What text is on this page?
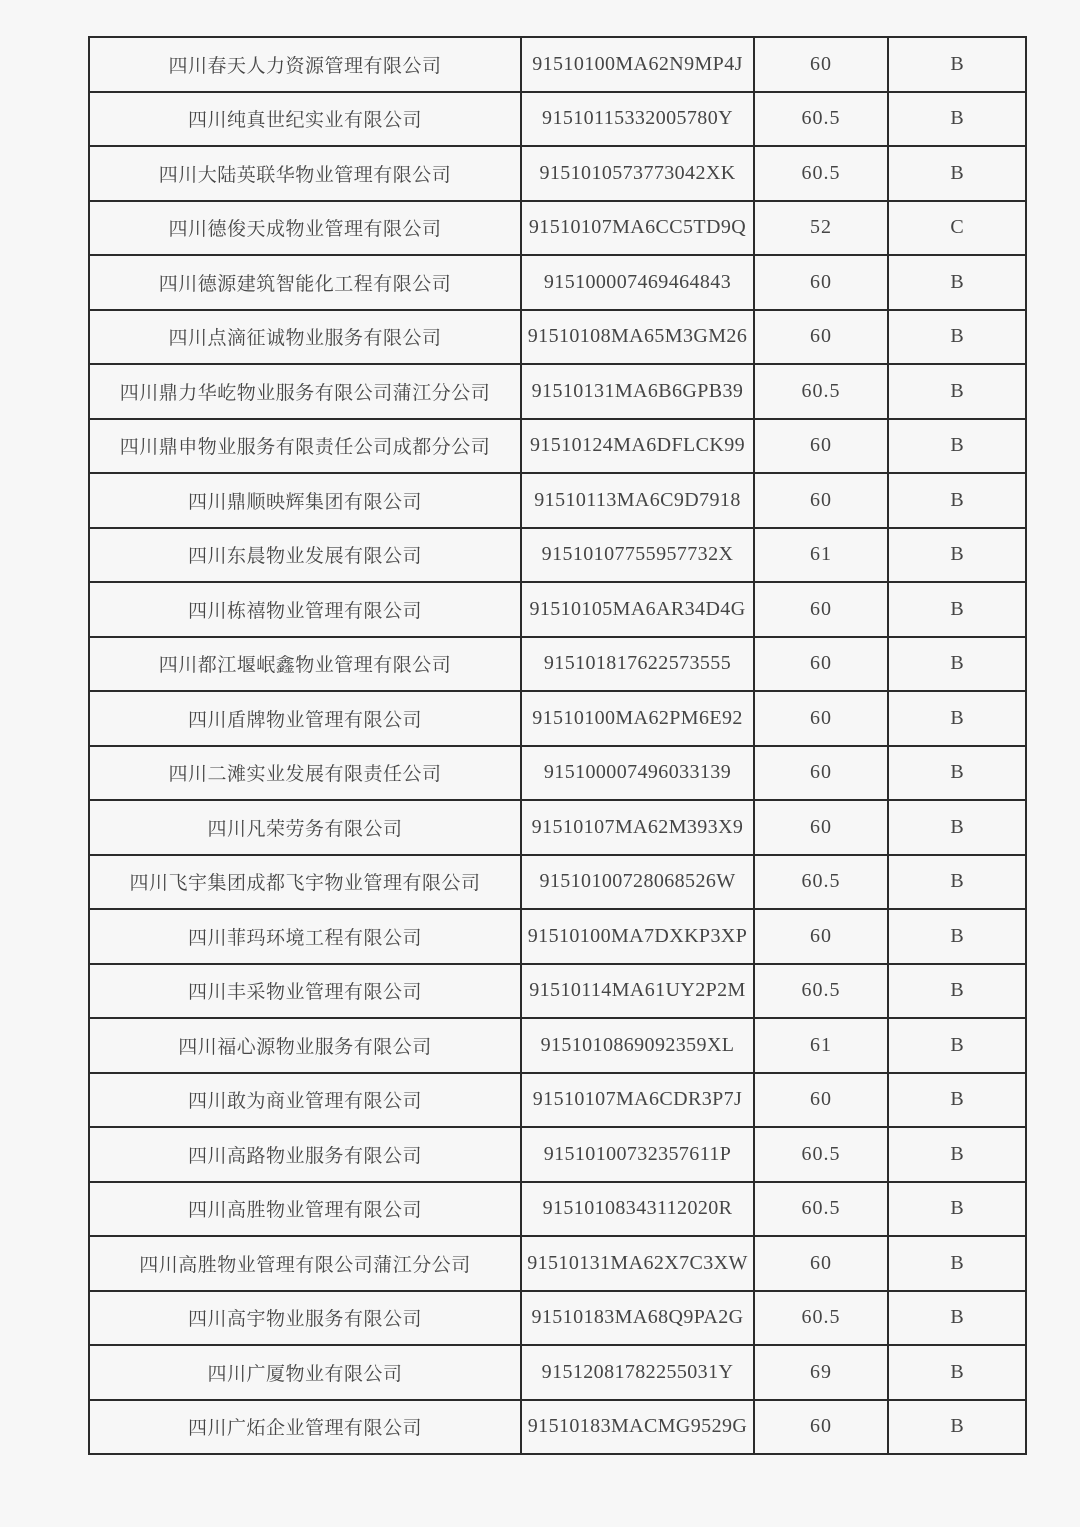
四川春天人力资源管理有限公司	91510100MA62N9MP4J	60	B
四川纯真世纪实业有限公司	91510115332005780Y	60.5	B
四川大陆英联华物业管理有限公司	9151010573773042XK	60.5	B
四川德俊天成物业管理有限公司	91510107MA6CC5TD9Q	52	C
四川德源建筑智能化工程有限公司	915100007469464843	60	B
四川点滴征诚物业服务有限公司	91510108MA65M3GM26	60	B
四川鼎力华屹物业服务有限公司蒲江分公司	91510131MA6B6GPB39	60.5	B
四川鼎申物业服务有限责任公司成都分公司	91510124MA6DFLCK99	60	B
四川鼎顺映辉集团有限公司	91510113MA6C9D7918	60	B
四川东晨物业发展有限公司	91510107755957732X	61	B
四川栋禧物业管理有限公司	91510105MA6AR34D4G	60	B
四川都江堰岷鑫物业管理有限公司	915101817622573555	60	B
四川盾牌物业管理有限公司	91510100MA62PM6E92	60	B
四川二滩实业发展有限责任公司	915100007496033139	60	B
四川凡荣劳务有限公司	91510107MA62M393X9	60	B
四川飞宇集团成都飞宇物业管理有限公司	91510100728068526W	60.5	B
四川菲玛环境工程有限公司	91510100MA7DXKP3XP	60	B
四川丰采物业管理有限公司	91510114MA61UY2P2M	60.5	B
四川福心源物业服务有限公司	9151010869092359XL	61	B
四川敢为商业管理有限公司	91510107MA6CDR3P7J	60	B
四川高路物业服务有限公司	91510100732357611P	60.5	B
四川高胜物业管理有限公司	91510108343112020R	60.5	B
四川高胜物业管理有限公司蒲江分公司	91510131MA62X7C3XW	60	B
四川高宇物业服务有限公司	91510183MA68Q9PA2G	60.5	B
四川广厦物业有限公司	91512081782255031Y	69	B
四川广炻企业管理有限公司	91510183MACMG9529G	60	B
